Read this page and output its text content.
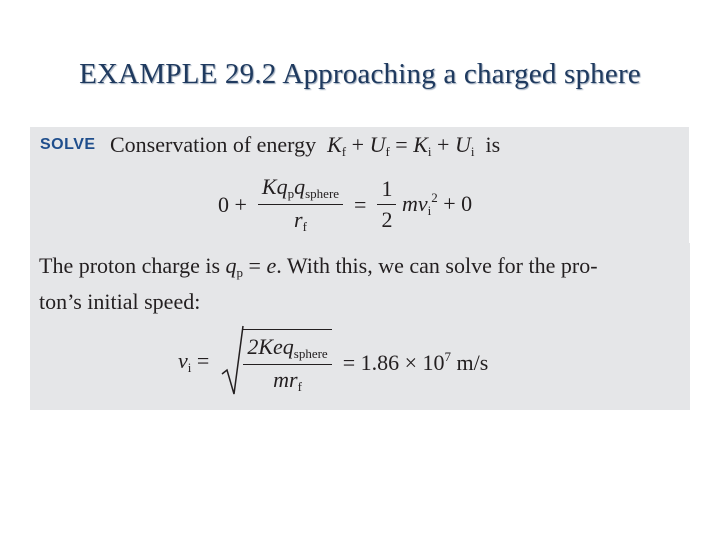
EXAMPLE 29.2 Approaching a charged sphere
SOLVE Conservation of energy $K_f + U_f = K_i + U_i$ is
$0 + \frac{Kq_pq_{sphere}}{r_f} = \frac{1}{2} mv_i^2 + 0$
The proton charge is $q_p = e$. With this, we can solve for the pro-
ton’s initial speed:
$v_i = \frac{2Keq_{sphere}}{mr_f} = 1.86 \times 10^7$ m/s
